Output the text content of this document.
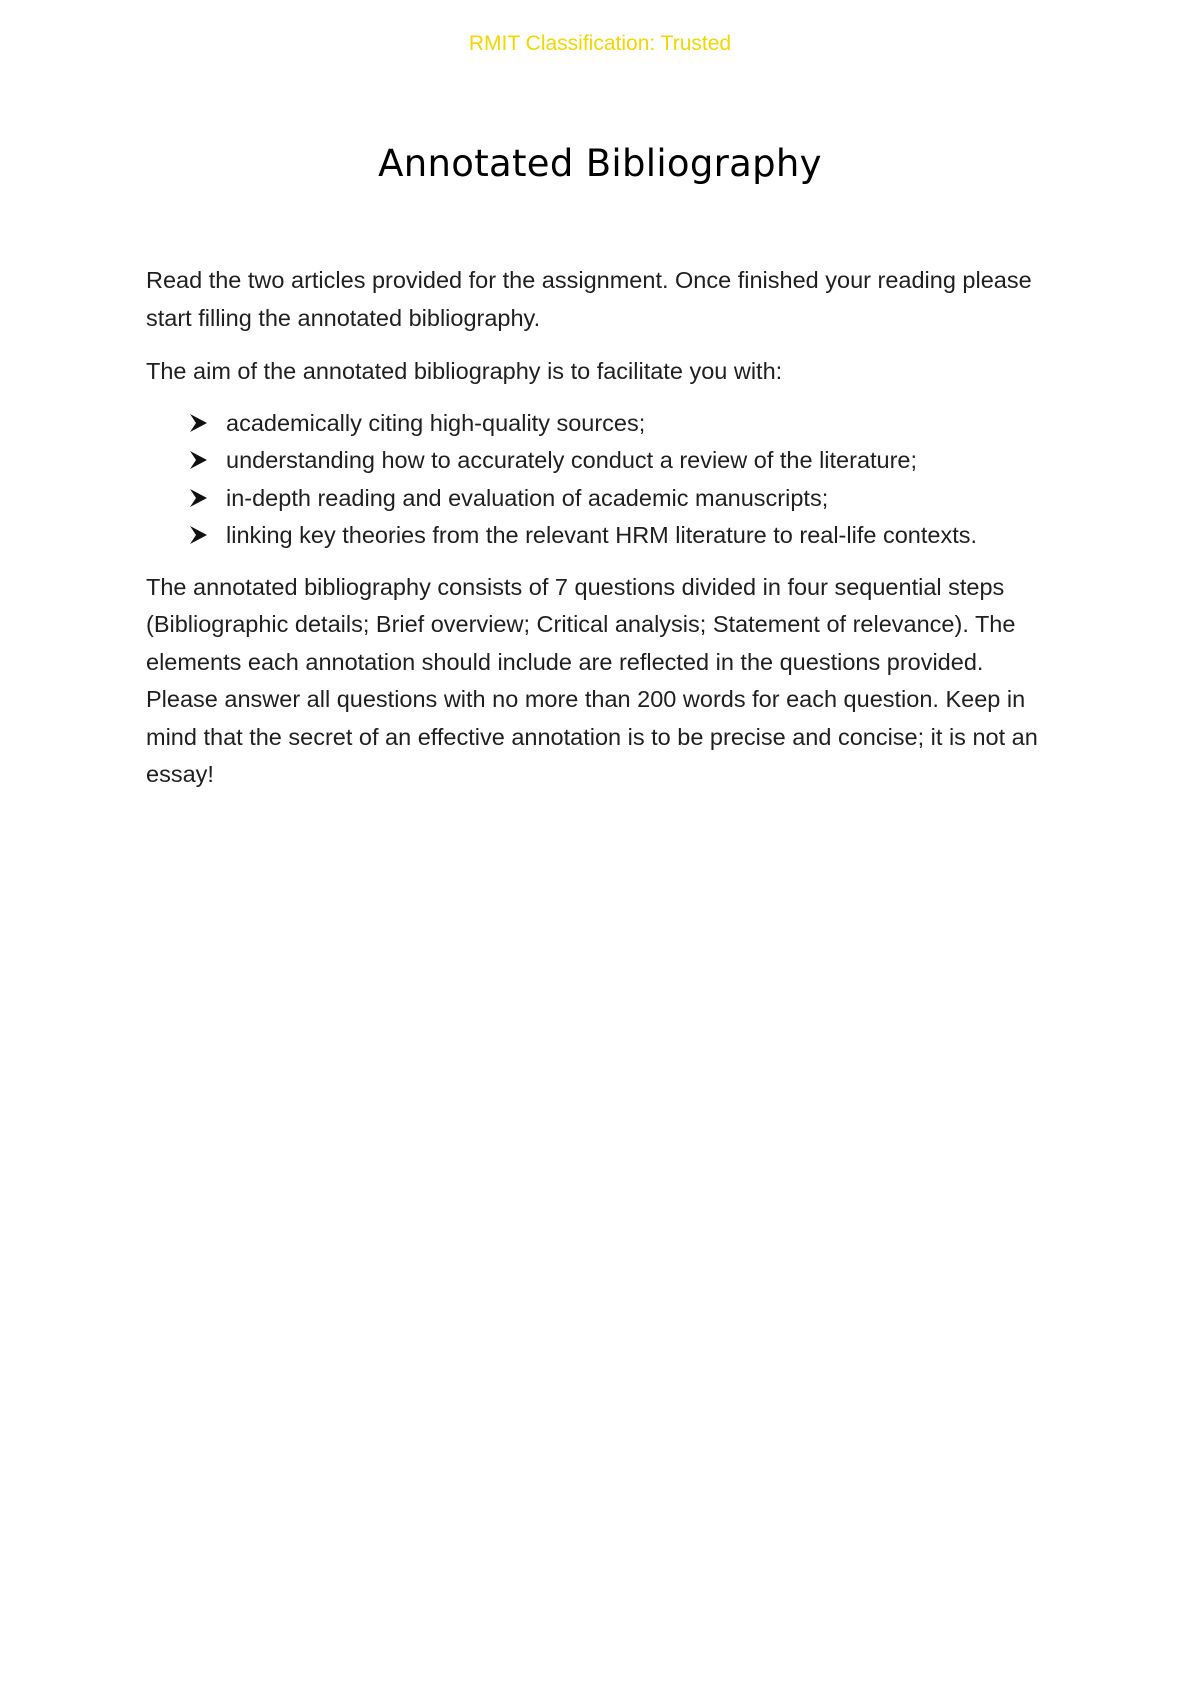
RMIT Classification: Trusted
Annotated Bibliography

Read the two articles provided for the assignment. Once finished your reading please start filling the annotated bibliography.

The aim of the annotated bibliography is to facilitate you with:

academically citing high-quality sources;
understanding how to accurately conduct a review of the literature;
in-depth reading and evaluation of academic manuscripts;
linking key theories from the relevant HRM literature to real-life contexts.

The annotated bibliography consists of 7 questions divided in four sequential steps (Bibliographic details; Brief overview; Critical analysis; Statement of relevance). The elements each annotation should include are reflected in the questions provided. Please answer all questions with no more than 200 words for each question. Keep in mind that the secret of an effective annotation is to be precise and concise; it is not an essay!
